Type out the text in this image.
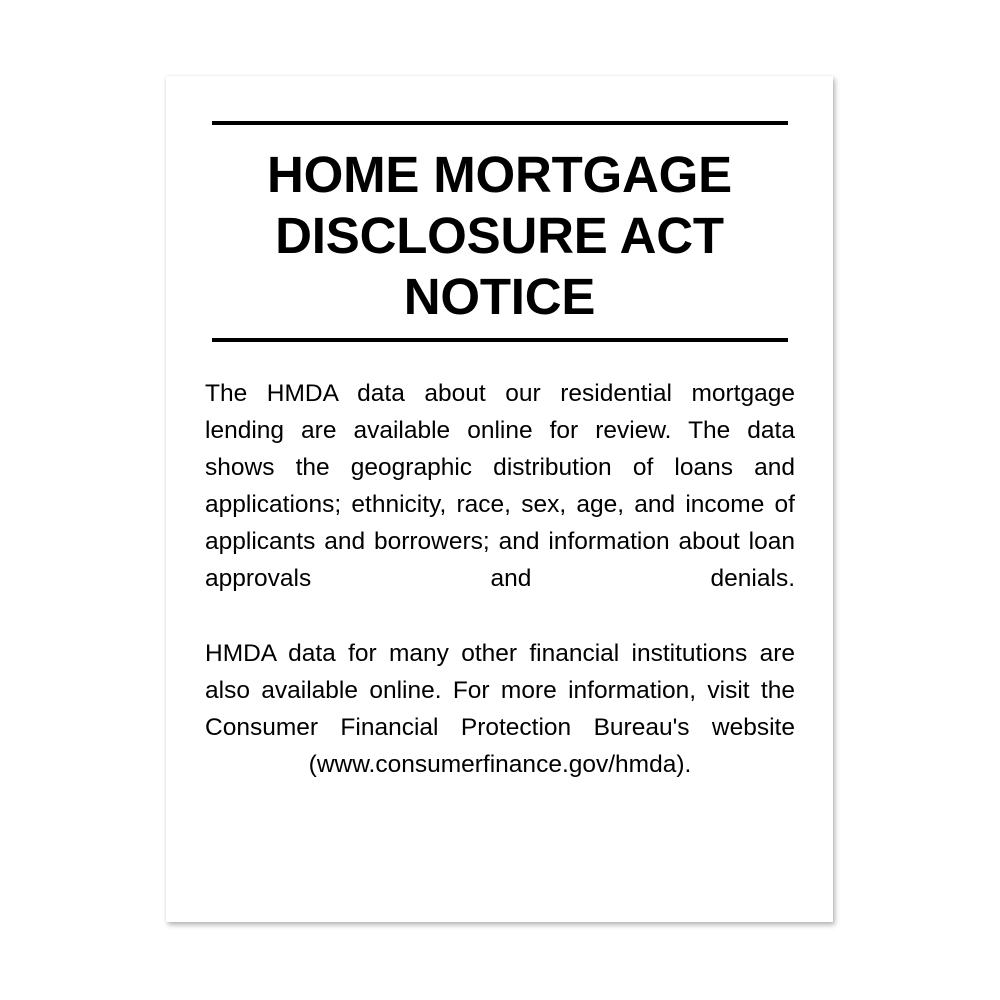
HOME MORTGAGE
DISCLOSURE ACT
NOTICE

The HMDA data about our residential mortgage lending are available online for review. The data shows the geographic distribution of loans and applications; ethnicity, race, sex, age, and income of applicants and borrowers; and information about loan approvals and denials.

HMDA data for many other financial institutions are also available online. For more information, visit the Consumer Financial Protection Bureau's website (www.consumerfinance.gov/hmda).
